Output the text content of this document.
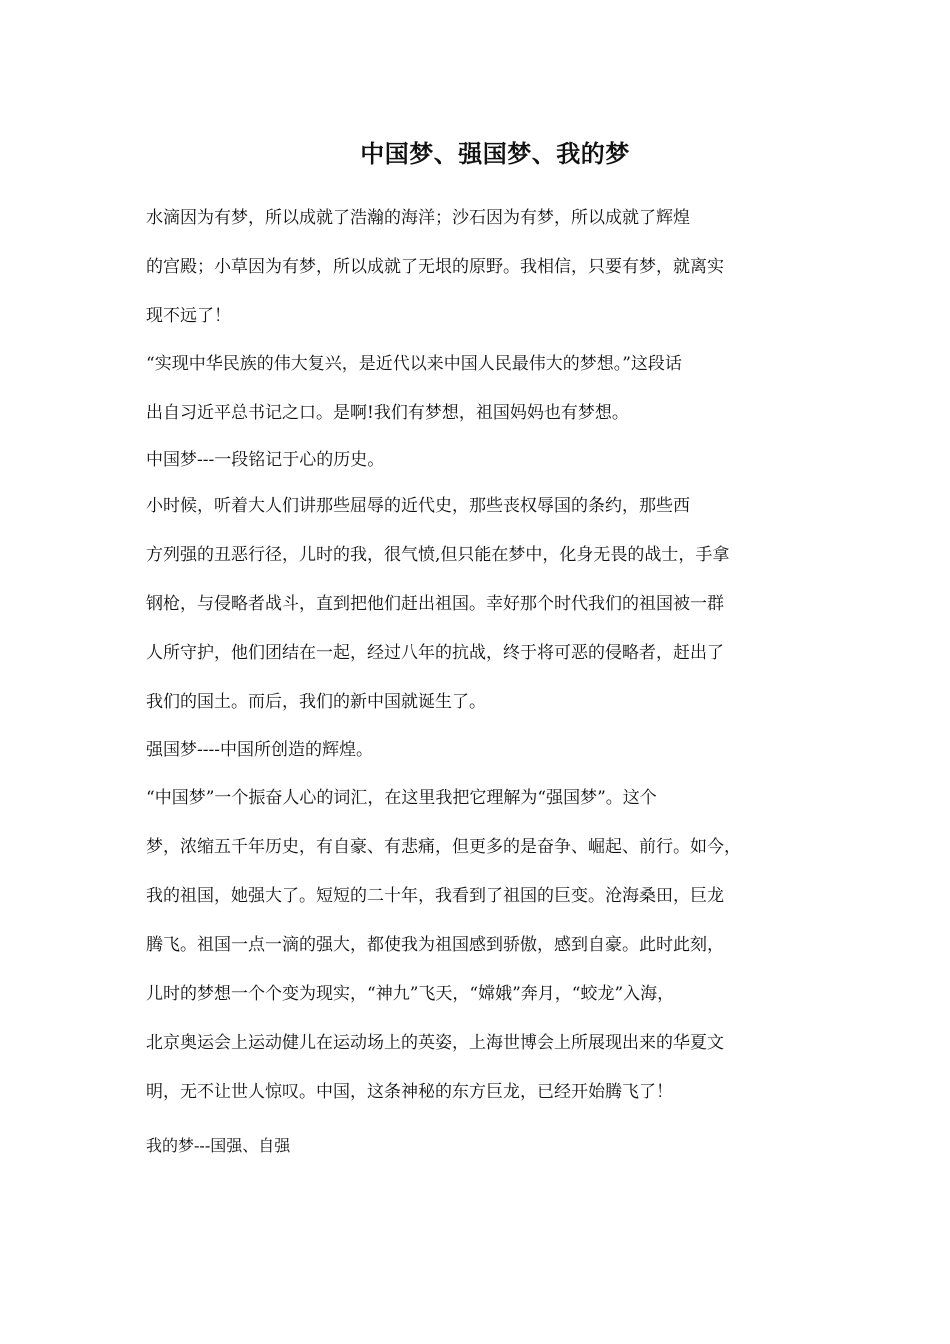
中国梦、强国梦、我的梦
水滴因为有梦，所以成就了浩瀚的海洋；沙石因为有梦，所以成就了辉煌
的宫殿；小草因为有梦，所以成就了无垠的原野。我相信，只要有梦，就离实
现不远了！
“实现中华民族的伟大复兴，是近代以来中国人民最伟大的梦想。”这段话
出自习近平总书记之口。是啊!我们有梦想，祖国妈妈也有梦想。
中国梦---一段铭记于心的历史。
小时候，听着大人们讲那些屈辱的近代史，那些丧权辱国的条约，那些西
方列强的丑恶行径，儿时的我，很气愤,但只能在梦中，化身无畏的战士，手拿
钢枪，与侵略者战斗，直到把他们赶出祖国。幸好那个时代我们的祖国被一群
人所守护，他们团结在一起，经过八年的抗战，终于将可恶的侵略者，赶出了
我们的国土。而后，我们的新中国就诞生了。
强国梦----中国所创造的辉煌。
“中国梦”一个振奋人心的词汇，在这里我把它理解为“强国梦”。这个
梦，浓缩五千年历史，有自豪、有悲痛，但更多的是奋争、崛起、前行。如今，
我的祖国，她强大了。短短的二十年，我看到了祖国的巨变。沧海桑田，巨龙
腾飞。祖国一点一滴的强大，都使我为祖国感到骄傲，感到自豪。此时此刻，
儿时的梦想一个个变为现实，“神九”飞天，“嫦娥”奔月，“蛟龙”入海，
北京奥运会上运动健儿在运动场上的英姿，上海世博会上所展现出来的华夏文
明，无不让世人惊叹。中国，这条神秘的东方巨龙，已经开始腾飞了！
我的梦---国强、自强
